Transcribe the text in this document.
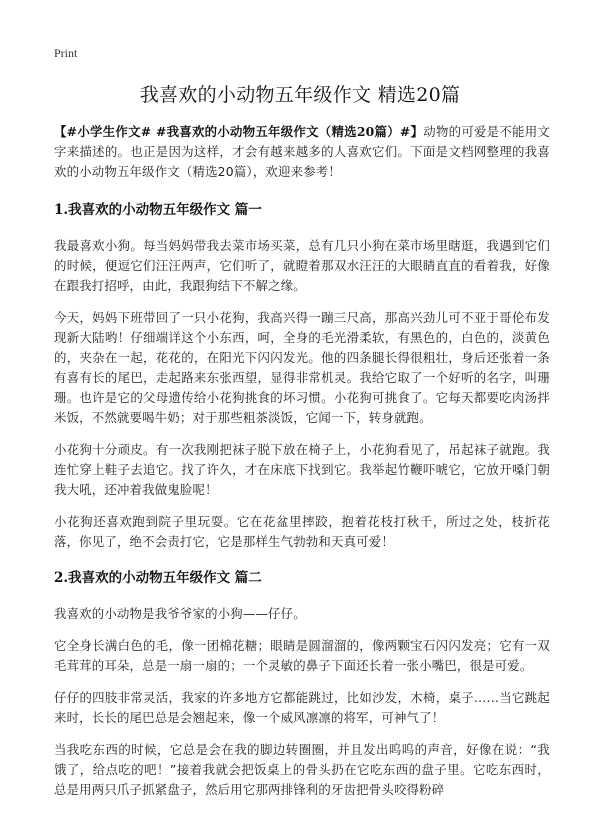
Print
我喜欢的小动物五年级作文 精选20篇

【#小学生作文# #我喜欢的小动物五年级作文（精选20篇）#】动物的可爱是不能用文字来描述的。也正是因为这样，才会有越来越多的人喜欢它们。下面是文档网整理的我喜欢的小动物五年级作文（精选20篇），欢迎来参考！

1.我喜欢的小动物五年级作文 篇一

我最喜欢小狗。每当妈妈带我去菜市场买菜，总有几只小狗在菜市场里瞎逛，我遇到它们的时候，便逗它们汪汪两声，它们听了，就瞪着那双水汪汪的大眼睛直直的看着我，好像在跟我打招呼，由此，我跟狗结下不解之缘。

今天，妈妈下班带回了一只小花狗，我高兴得一蹦三尺高，那高兴劲儿可不亚于哥伦布发现新大陆哟！仔细端详这个小东西，呵，全身的毛光滑柔软，有黑色的，白色的，淡黄色的，夹杂在一起，花花的，在阳光下闪闪发光。他的四条腿长得很粗壮，身后还张着一条有喜有长的尾巴，走起路来东张西望，显得非常机灵。我给它取了一个好听的名字，叫珊珊。也许是它的父母遗传给小花狗挑食的坏习惯。小花狗可挑食了。它每天都要吃肉汤拌米饭，不然就要喝牛奶；对于那些粗茶淡饭，它闻一下，转身就跑。

小花狗十分顽皮。有一次我刚把袜子脱下放在椅子上，小花狗看见了，吊起袜子就跑。我连忙穿上鞋子去追它。找了许久，才在床底下找到它。我举起竹鞭吓唬它，它放开嗓门朝我大吼，还冲着我做鬼脸呢！

小花狗还喜欢跑到院子里玩耍。它在花盆里摔跤，抱着花枝打秋千，所过之处，枝折花落，你见了，绝不会责打它，它是那样生气勃勃和天真可爱！

2.我喜欢的小动物五年级作文 篇二

我喜欢的小动物是我爷爷家的小狗——仔仔。

它全身长满白色的毛，像一团棉花糖；眼睛是圆溜溜的，像两颗宝石闪闪发亮；它有一双毛茸茸的耳朵，总是一扇一扇的；一个灵敏的鼻子下面还长着一张小嘴巴，很是可爱。

仔仔的四肢非常灵活，我家的许多地方它都能跳过，比如沙发，木椅，桌子……当它跳起来时，长长的尾巴总是会翘起来，像一个威风凛凛的将军，可神气了！

当我吃东西的时候，它总是会在我的脚边转圈圈，并且发出呜呜的声音，好像在说：“我饿了，给点吃的吧！”接着我就会把饭桌上的骨头扔在它吃东西的盘子里。它吃东西时，总是用两只爪子抓紧盘子，然后用它那两排锋利的牙齿把骨头咬得粉碎
